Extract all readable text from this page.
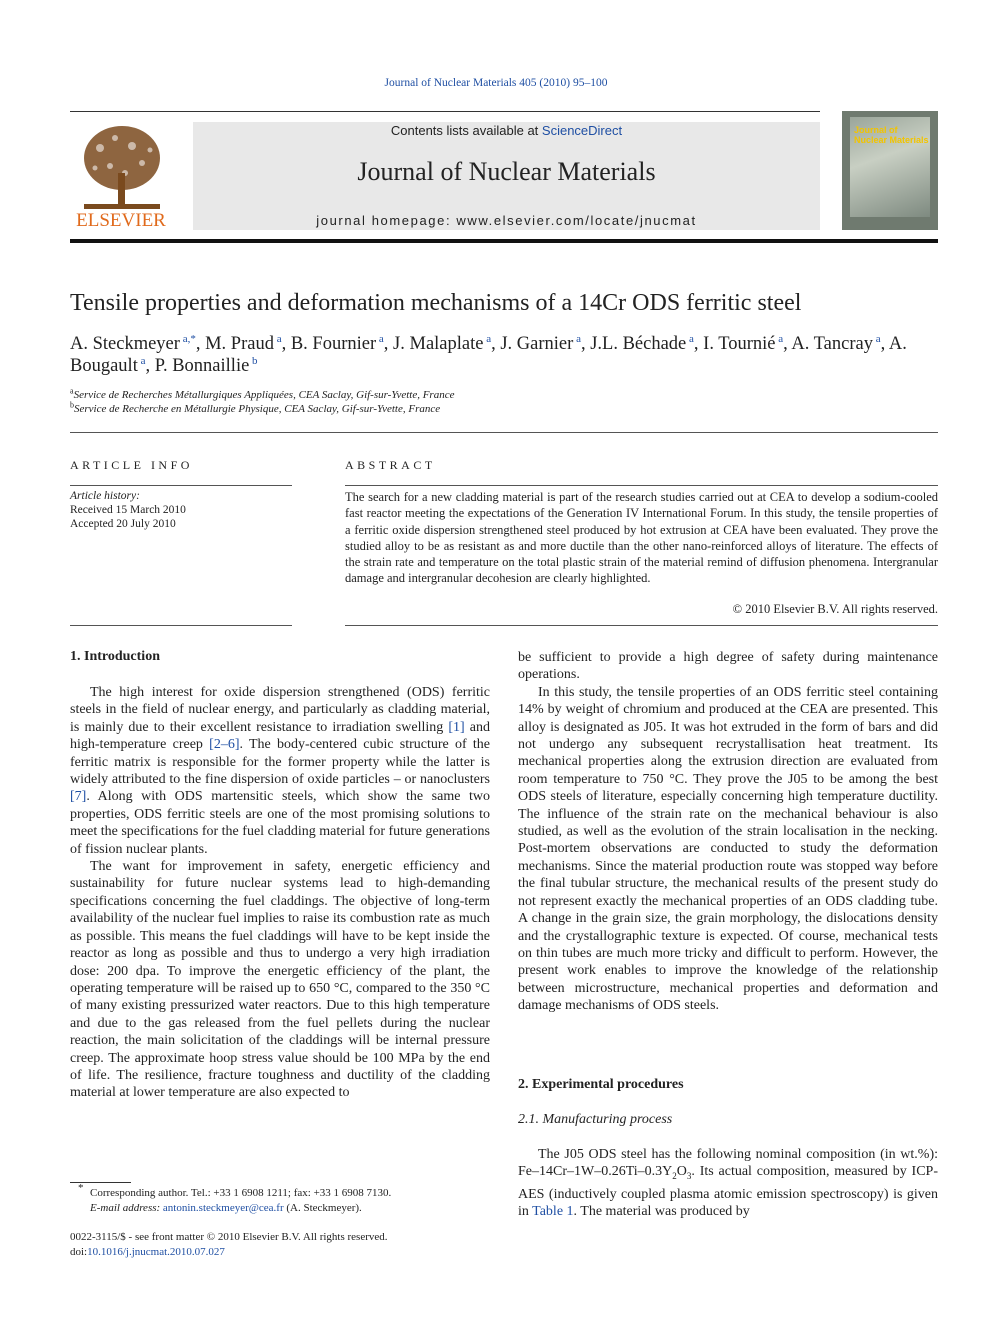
Journal of Nuclear Materials 405 (2010) 95–100
ELSEVIER
Contents lists available at ScienceDirect
Journal of Nuclear Materials
journal homepage: www.elsevier.com/locate/jnucmat
Journal of
Nuclear Materials
Tensile properties and deformation mechanisms of a 14Cr ODS ferritic steel
A. Steckmeyer $^{a,*}$, M. Praud $^a$, B. Fournier $^a$, J. Malaplate $^a$, J. Garnier $^a$, J.L. Béchade $^a$, I. Tournié $^a$, A. Tancray $^a$, A. Bougault $^a$, P. Bonnaillie $^b$
$^a$Service de Recherches Métallurgiques Appliquées, CEA Saclay, Gif-sur-Yvette, France
$^b$Service de Recherche en Métallurgie Physique, CEA Saclay, Gif-sur-Yvette, France
ARTICLE INFO
Article history:
Received 15 March 2010
Accepted 20 July 2010
ABSTRACT
The search for a new cladding material is part of the research studies carried out at CEA to develop a sodium-cooled fast reactor meeting the expectations of the Generation IV International Forum. In this study, the tensile properties of a ferritic oxide dispersion strengthened steel produced by hot extrusion at CEA have been evaluated. They prove the studied alloy to be as resistant as and more ductile than the other nano-reinforced alloys of literature. The effects of the strain rate and temperature on the total plastic strain of the material remind of diffusion phenomena. Intergranular damage and intergranular decohesion are clearly highlighted.
© 2010 Elsevier B.V. All rights reserved.
1. Introduction

The high interest for oxide dispersion strengthened (ODS) ferritic steels in the field of nuclear energy, and particularly as cladding material, is mainly due to their excellent resistance to irradiation swelling [1] and high-temperature creep [2–6]. The body-centered cubic structure of the ferritic matrix is responsible for the former property while the latter is widely attributed to the fine dispersion of oxide particles – or nanoclusters [7]. Along with ODS martensitic steels, which show the same two properties, ODS ferritic steels are one of the most promising solutions to meet the specifications for the fuel cladding material for future generations of fission nuclear plants.

The want for improvement in safety, energetic efficiency and sustainability for future nuclear systems lead to high-demanding specifications concerning the fuel claddings. The objective of long-term availability of the nuclear fuel implies to raise its combustion rate as much as possible. This means the fuel claddings will have to be kept inside the reactor as long as possible and thus to undergo a very high irradiation dose: 200 dpa. To improve the energetic efficiency of the plant, the operating temperature will be raised up to 650 °C, compared to the 350 °C of many existing pressurized water reactors. Due to this high temperature and due to the gas released from the fuel pellets during the nuclear reaction, the main solicitation of the claddings will be internal pressure creep. The approximate hoop stress value should be 100 MPa by the end of life. The resilience, fracture toughness and ductility of the cladding material at lower temperature are also expected to

be sufficient to provide a high degree of safety during maintenance operations.

In this study, the tensile properties of an ODS ferritic steel containing 14% by weight of chromium and produced at the CEA are presented. This alloy is designated as J05. It was hot extruded in the form of bars and did not undergo any subsequent recrystallisation heat treatment. Its mechanical properties along the extrusion direction are evaluated from room temperature to 750 °C. They prove the J05 to be among the best ODS steels of literature, especially concerning high temperature ductility. The influence of the strain rate on the mechanical behaviour is also studied, as well as the evolution of the strain localisation in the necking. Post-mortem observations are conducted to study the deformation mechanisms. Since the material production route was stopped way before the final tubular structure, the mechanical results of the present study do not represent exactly the mechanical properties of an ODS cladding tube. A change in the grain size, the grain morphology, the dislocations density and the crystallographic texture is expected. Of course, mechanical tests on thin tubes are much more tricky and difficult to perform. However, the present work enables to improve the knowledge of the relationship between microstructure, mechanical properties and deformation and damage mechanisms of ODS steels.

2. Experimental procedures
2.1. Manufacturing process

The J05 ODS steel has the following nominal composition (in wt.%): $Fe-14Cr-1W-0.26Ti-0.3Y_2O_3$. Its actual composition, measured by ICP-AES (inductively coupled plasma atomic emission spectroscopy) is given in Table 1. The material was produced by

* Corresponding author. Tel.: +33 1 6908 1211; fax: +33 1 6908 7130.
E-mail address: antonin.steckmeyer@cea.fr (A. Steckmeyer).
0022-3115/$ - see front matter © 2010 Elsevier B.V. All rights reserved.
doi:10.1016/j.jnucmat.2010.07.027
